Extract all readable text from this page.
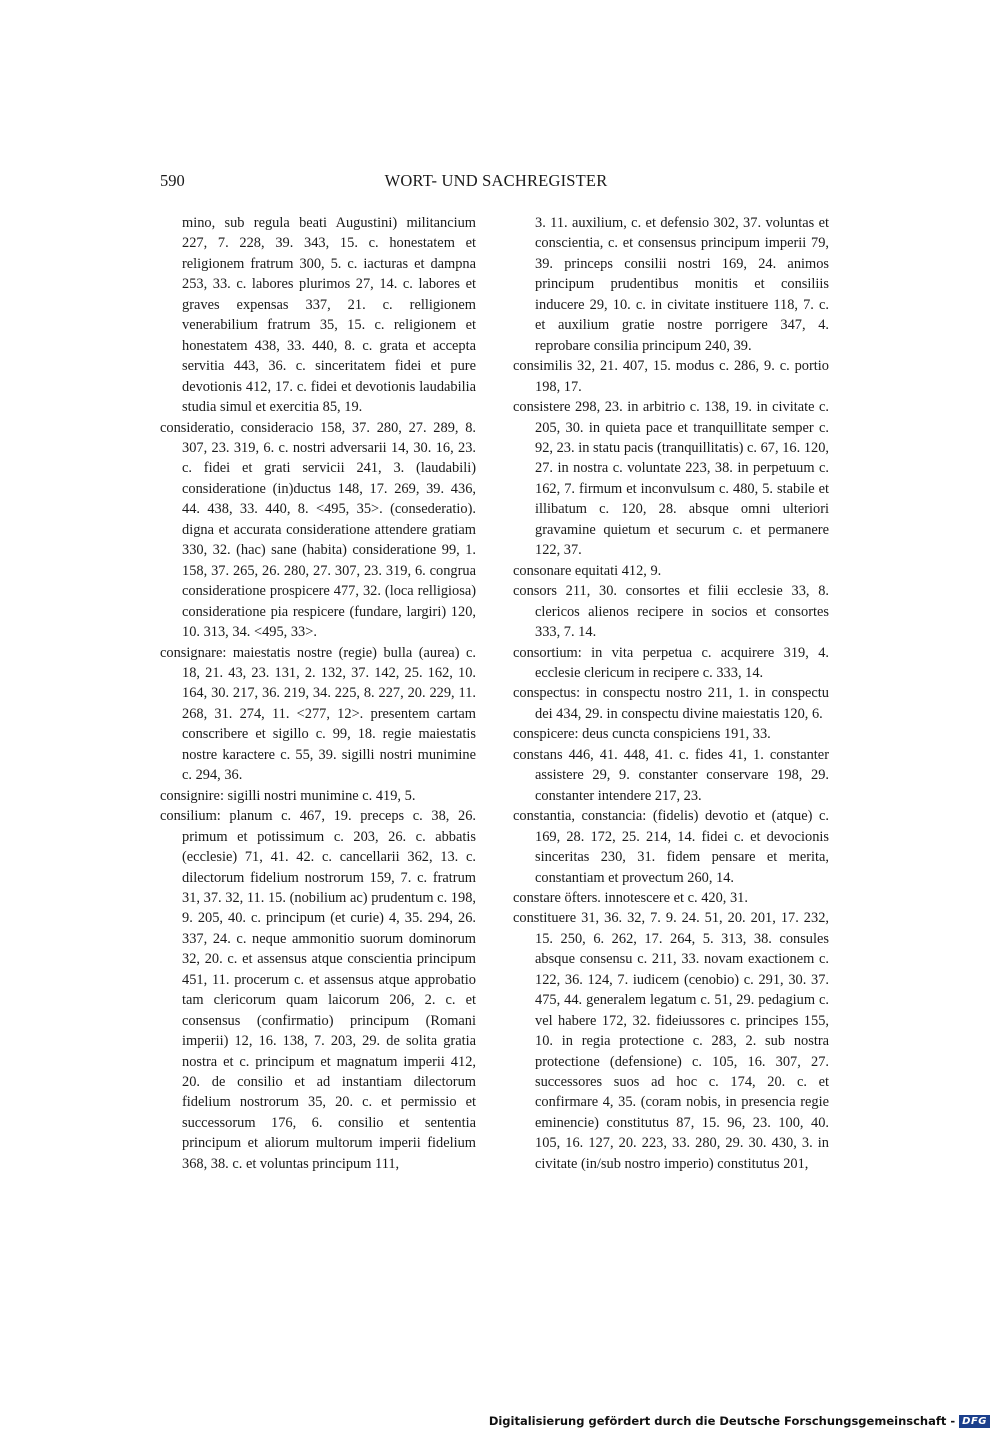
590	WORT- UND SACHREGISTER

mino, sub regula beati Augustini) militancium 227, 7. 228, 39. 343, 15. c. honestatem et religionem fratrum 300, 5. c. iacturas et dampna 253, 33. c. labores plurimos 27, 14. c. labores et graves expensas 337, 21. c. relligionem venerabilium fratrum 35, 15. c. religionem et honestatem 438, 33. 440, 8. c. grata et accepta servitia 443, 36. c. sinceritatem fidei et pure devotionis 412, 17. c. fidei et devotionis laudabilia studia simul et exercitia 85, 19.

consideratio, consideracio 158, 37. 280, 27. 289, 8. 307, 23. 319, 6. c. nostri adversarii 14, 30. 16, 23. c. fidei et grati servicii 241, 3. (laudabili) consideratione (in)ductus 148, 17. 269, 39. 436, 44. 438, 33. 440, 8. <495, 35>. (consederatio). digna et accurata consideratione attendere gratiam 330, 32. (hac) sane (habita) consideratione 99, 1. 158, 37. 265, 26. 280, 27. 307, 23. 319, 6. congrua consideratione prospicere 477, 32. (loca relligiosa) consideratione pia respicere (fundare, largiri) 120, 10. 313, 34. <495, 33>.

consignare: maiestatis nostre (regie) bulla (aurea) c. 18, 21. 43, 23. 131, 2. 132, 37. 142, 25. 162, 10. 164, 30. 217, 36. 219, 34. 225, 8. 227, 20. 229, 11. 268, 31. 274, 11. <277, 12>. presentem cartam conscribere et sigillo c. 99, 18. regie maiestatis nostre karactere c. 55, 39. sigilli nostri munimine c. 294, 36.

consignire: sigilli nostri munimine c. 419, 5.

consilium: planum c. 467, 19. preceps c. 38, 26. primum et potissimum c. 203, 26. c. abbatis (ecclesie) 71, 41. 42. c. cancellarii 362, 13. c. dilectorum fidelium nostrorum 159, 7. c. fratrum 31, 37. 32, 11. 15. (nobilium ac) prudentum c. 198, 9. 205, 40. c. principum (et curie) 4, 35. 294, 26. 337, 24. c. neque ammonitio suorum dominorum 32, 20. c. et assensus atque conscientia principum 451, 11. procerum c. et assensus atque approbatio tam clericorum quam laicorum 206, 2. c. et consensus (confirmatio) principum (Romani imperii) 12, 16. 138, 7. 203, 29. de solita gratia nostra et c. principum et magnatum imperii 412, 20. de consilio et ad instantiam dilectorum fidelium nostrorum 35, 20. c. et permissio et successorum 176, 6. consilio et sententia principum et aliorum multorum imperii fidelium 368, 38. c. et voluntas principum 111,

3. 11. auxilium, c. et defensio 302, 37. voluntas et conscientia, c. et consensus principum imperii 79, 39. princeps consilii nostri 169, 24. animos principum prudentibus monitis et consiliis inducere 29, 10. c. in civitate instituere 118, 7. c. et auxilium gratie nostre porrigere 347, 4. reprobare consilia principum 240, 39.

consimilis 32, 21. 407, 15. modus c. 286, 9. c. portio 198, 17.

consistere 298, 23. in arbitrio c. 138, 19. in civitate c. 205, 30. in quieta pace et tranquillitate semper c. 92, 23. in statu pacis (tranquillitatis) c. 67, 16. 120, 27. in nostra c. voluntate 223, 38. in perpetuum c. 162, 7. firmum et inconvulsum c. 480, 5. stabile et illibatum c. 120, 28. absque omni ulteriori gravamine quietum et securum c. et permanere 122, 37.

consonare equitati 412, 9.

consors 211, 30. consortes et filii ecclesie 33, 8. clericos alienos recipere in socios et consortes 333, 7. 14.

consortium: in vita perpetua c. acquirere 319, 4. ecclesie clericum in recipere c. 333, 14.

conspectus: in conspectu nostro 211, 1. in conspectu dei 434, 29. in conspectu divine maiestatis 120, 6.

conspicere: deus cuncta conspiciens 191, 33.

constans 446, 41. 448, 41. c. fides 41, 1. constanter assistere 29, 9. constanter conservare 198, 29. constanter intendere 217, 23.

constantia, constancia: (fidelis) devotio et (atque) c. 169, 28. 172, 25. 214, 14. fidei c. et devocionis sinceritas 230, 31. fidem pensare et merita, constantiam et provectum 260, 14.

constare öfters. innotescere et c. 420, 31.

constituere 31, 36. 32, 7. 9. 24. 51, 20. 201, 17. 232, 15. 250, 6. 262, 17. 264, 5. 313, 38. consules absque consensu c. 211, 33. novam exactionem c. 122, 36. 124, 7. iudicem (cenobio) c. 291, 30. 37. 475, 44. generalem legatum c. 51, 29. pedagium c. vel habere 172, 32. fideiussores c. principes 155, 10. in regia protectione c. 283, 2. sub nostra protectione (defensione) c. 105, 16. 307, 27. successores suos ad hoc c. 174, 20. c. et confirmare 4, 35. (coram nobis, in presencia regie eminencie) constitutus 87, 15. 96, 23. 100, 40. 105, 16. 127, 20. 223, 33. 280, 29. 30. 430, 3. in civitate (in/sub nostro imperio) constitutus 201,

Digitalisierung gefördert durch die Deutsche Forschungsgemeinschaft - DFG
